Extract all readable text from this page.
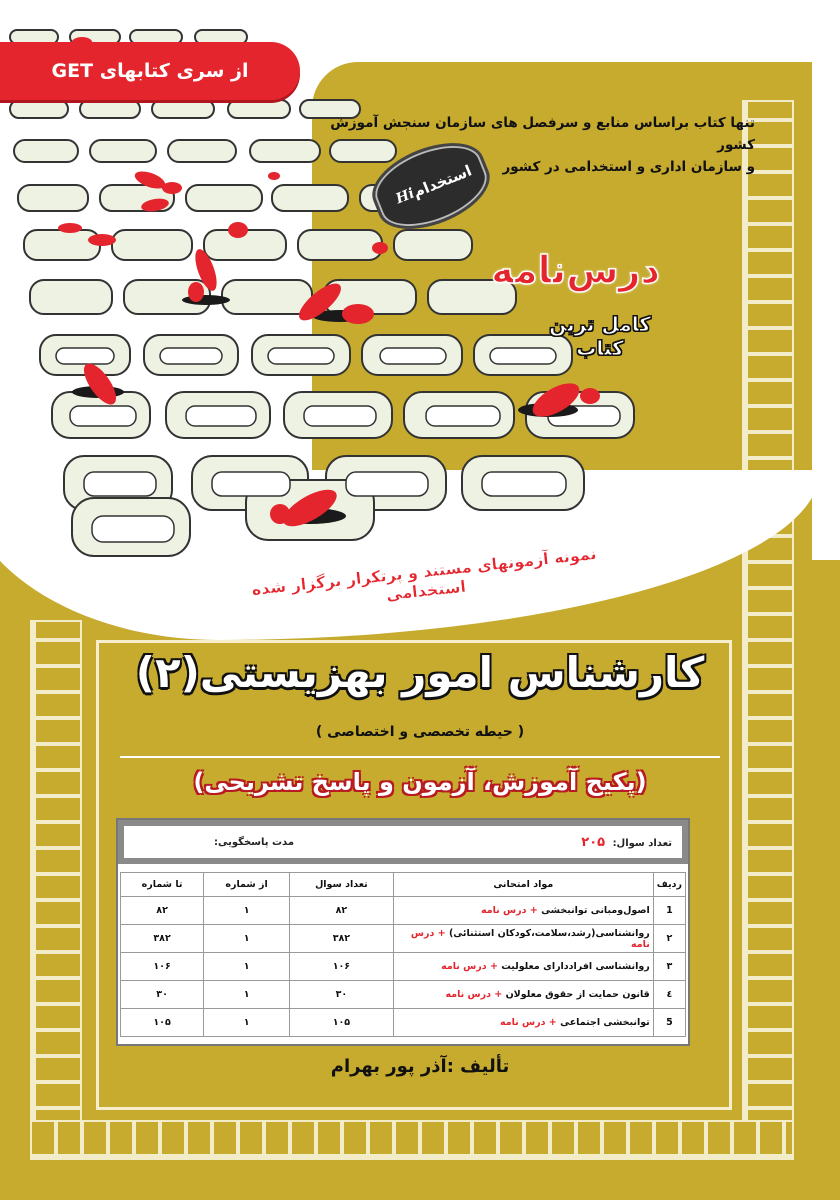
از سری کتابهای GET
تنها کتاب براساس منابع و سرفصل های سازمان سنجش آموزش کشور
و سازمان اداری و استخدامی در کشور
استخدام
Hi
درس‌نامه
کامل ترین کتاب
نمونه آزمونهای مستند و پرتکرار برگزار شده استخدامی
کارشناس امور بهزیستی(۲)
( حیطه تخصصی و اختصاصی )
(پکیج آموزش، آزمون و پاسخ تشریحی)
تعداد سوال: ۲۰۵
مدت پاسخگویی:
ردیف	مواد امتحانی	تعداد سوال	از شماره	تا شماره
1	اصول‌ومبانی توانبخشی + درس نامه	۸۲	۱	۸۲
۲	روانشناسی(رشد،سلامت،کودکان استثنائی) + درس نامه	۳۸۲	۱	۳۸۲
۳	روانشناسی افراددارای معلولیت + درس نامه	۱۰۶	۱	۱۰۶
٤	قانون حمایت از حقوق معلولان + درس نامه	۳۰	۱	۳۰
5	توانبخشی اجتماعی + درس نامه	۱۰۵	۱	۱۰۵
تألیف :آذر پور بهرام
